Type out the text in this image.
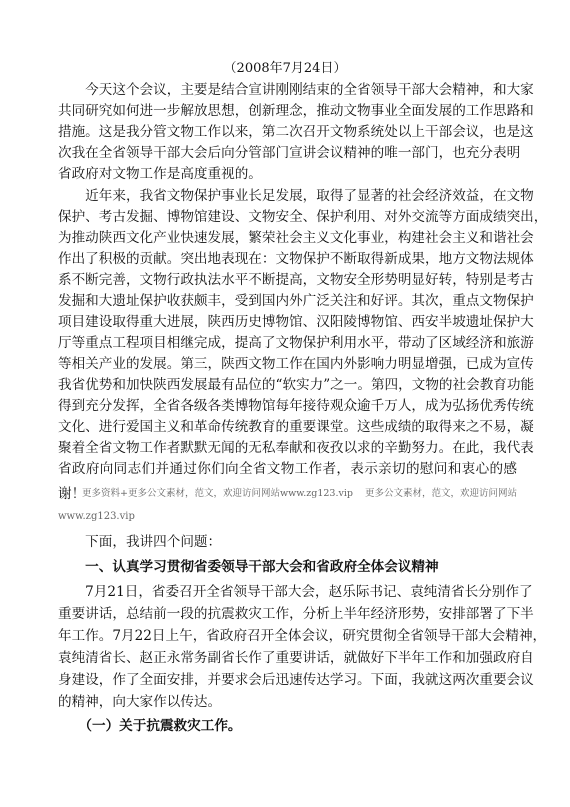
（2008年7月24日）
　　今天这个会议，主要是结合宣讲刚刚结束的全省领导干部大会精神，和大家
共同研究如何进一步解放思想，创新理念，推动文物事业全面发展的工作思路和
措施。这是我分管文物工作以来，第二次召开文物系统处以上干部会议，也是这
次我在全省领导干部大会后向分管部门宣讲会议精神的唯一部门，也充分表明
省政府对文物工作是高度重视的。
　　近年来，我省文物保护事业长足发展，取得了显著的社会经济效益，在文物
保护、考古发掘、博物馆建设、文物安全、保护利用、对外交流等方面成绩突出，
为推动陕西文化产业快速发展，繁荣社会主义文化事业，构建社会主义和谐社会
作出了积极的贡献。突出地表现在：文物保护不断取得新成果，地方文物法规体
系不断完善，文物行政执法水平不断提高，文物安全形势明显好转，特别是考古
发掘和大遗址保护收获颇丰，受到国内外广泛关注和好评。其次，重点文物保护
项目建设取得重大进展，陕西历史博物馆、汉阳陵博物馆、西安半坡遗址保护大
厅等重点工程项目相继完成，提高了文物保护利用水平，带动了区域经济和旅游
等相关产业的发展。第三，陕西文物工作在国内外影响力明显增强，已成为宣传
我省优势和加快陕西发展最有品位的“软实力”之一。第四，文物的社会教育功能
得到充分发挥，全省各级各类博物馆每年接待观众逾千万人，成为弘扬优秀传统
文化、进行爱国主义和革命传统教育的重要课堂。这些成绩的取得来之不易，凝
聚着全省文物工作者默默无闻的无私奉献和夜孜以求的辛勤努力。在此，我代表
省政府向同志们并通过你们向全省文物工作者，表示亲切的慰问和衷心的感
谢！
更多资料+更多公文素材，范文，欢迎访问网站www.zg123.vip 更多公文素材，范文，欢迎访问网站
www.zg123.vip
　　下面，我讲四个问题：
　　一、认真学习贯彻省委领导干部大会和省政府全体会议精神
　　7月21日，省委召开全省领导干部大会，赵乐际书记、袁纯清省长分别作了
重要讲话，总结前一段的抗震救灾工作，分析上半年经济形势，安排部署了下半
年工作。7月22日上午，省政府召开全体会议，研究贯彻全省领导干部大会精神，
袁纯清省长、赵正永常务副省长作了重要讲话，就做好下半年工作和加强政府自
身建设，作了全面安排，并要求会后迅速传达学习。下面，我就这两次重要会议
的精神，向大家作以传达。
　　（一）关于抗震救灾工作。
